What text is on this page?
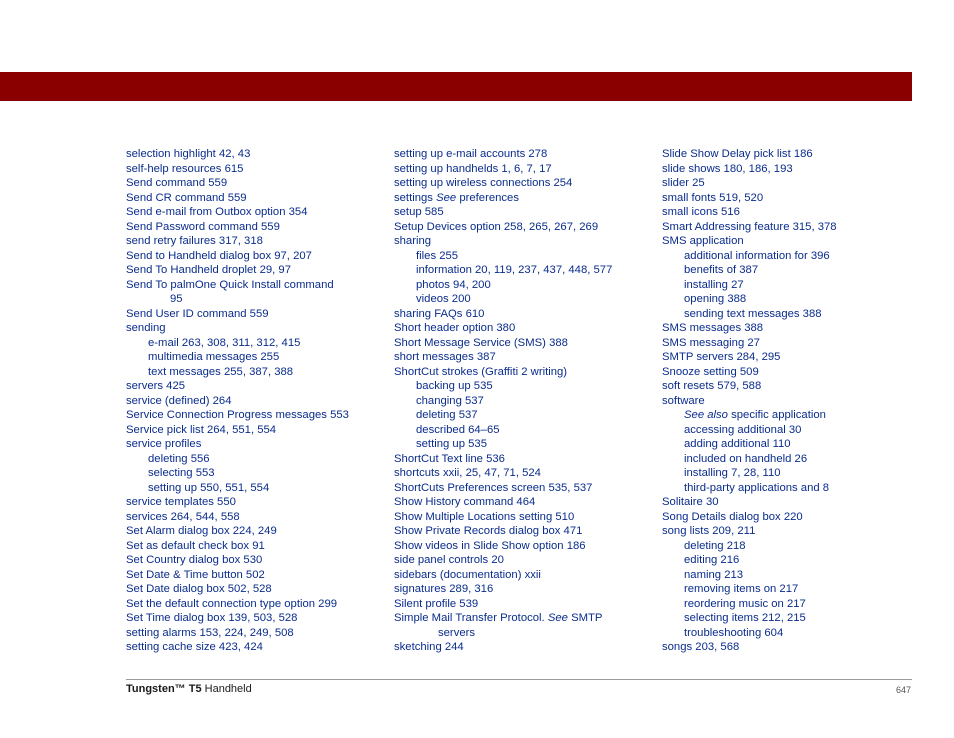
selection highlight 42, 43
self-help resources 615
Send command 559
Send CR command 559
Send e-mail from Outbox option 354
Send Password command 559
send retry failures 317, 318
Send to Handheld dialog box 97, 207
Send To Handheld droplet 29, 97
Send To palmOne Quick Install command
95
Send User ID command 559
sending
e-mail 263, 308, 311, 312, 415
multimedia messages 255
text messages 255, 387, 388
servers 425
service (defined) 264
Service Connection Progress messages 553
Service pick list 264, 551, 554
service profiles
deleting 556
selecting 553
setting up 550, 551, 554
service templates 550
services 264, 544, 558
Set Alarm dialog box 224, 249
Set as default check box 91
Set Country dialog box 530
Set Date & Time button 502
Set Date dialog box 502, 528
Set the default connection type option 299
Set Time dialog box 139, 503, 528
setting alarms 153, 224, 249, 508
setting cache size 423, 424
setting up e-mail accounts 278
setting up handhelds 1, 6, 7, 17
setting up wireless connections 254
settings See preferences
setup 585
Setup Devices option 258, 265, 267, 269
sharing
files 255
information 20, 119, 237, 437, 448, 577
photos 94, 200
videos 200
sharing FAQs 610
Short header option 380
Short Message Service (SMS) 388
short messages 387
ShortCut strokes (Graffiti 2 writing)
backing up 535
changing 537
deleting 537
described 64–65
setting up 535
ShortCut Text line 536
shortcuts xxii, 25, 47, 71, 524
ShortCuts Preferences screen 535, 537
Show History command 464
Show Multiple Locations setting 510
Show Private Records dialog box 471
Show videos in Slide Show option 186
side panel controls 20
sidebars (documentation) xxii
signatures 289, 316
Silent profile 539
Simple Mail Transfer Protocol. See SMTP
servers
sketching 244
Slide Show Delay pick list 186
slide shows 180, 186, 193
slider 25
small fonts 519, 520
small icons 516
Smart Addressing feature 315, 378
SMS application
additional information for 396
benefits of 387
installing 27
opening 388
sending text messages 388
SMS messages 388
SMS messaging 27
SMTP servers 284, 295
Snooze setting 509
soft resets 579, 588
software
See also specific application
accessing additional 30
adding additional 110
included on handheld 26
installing 7, 28, 110
third-party applications and 8
Solitaire 30
Song Details dialog box 220
song lists 209, 211
deleting 218
editing 216
naming 213
removing items on 217
reordering music on 217
selecting items 212, 215
troubleshooting 604
songs 203, 568
Tungsten™ T5 Handheld	647
